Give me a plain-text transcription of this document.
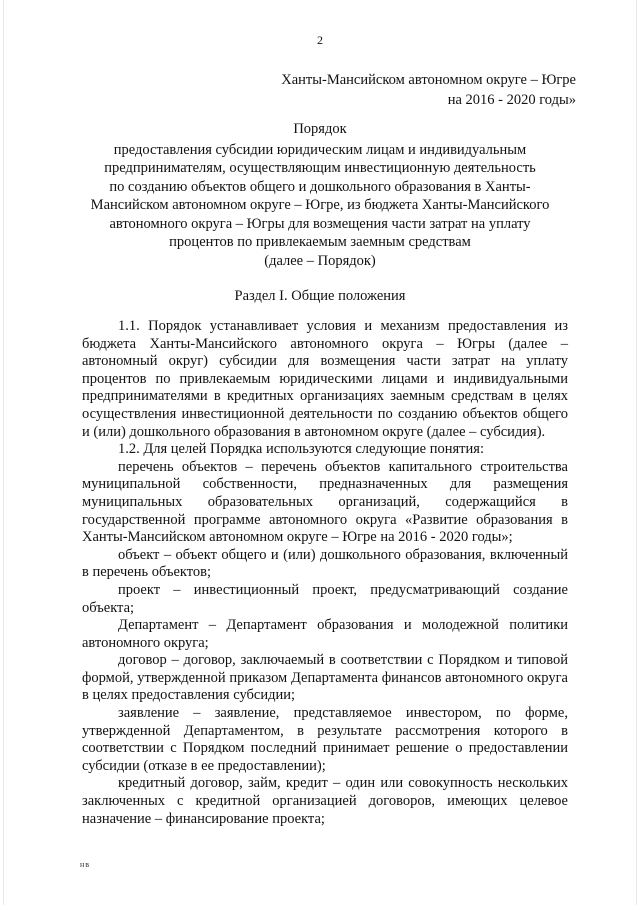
2
Ханты-Мансийском автономном округе – Югре
на 2016 - 2020 годы»
Порядок
предоставления субсидии юридическим лицам и индивидуальным
предпринимателям, осуществляющим инвестиционную деятельность
по созданию объектов общего и дошкольного образования в Ханты-
Мансийском автономном округе – Югре, из бюджета Ханты-Мансийского
автономного округа – Югры для возмещения части затрат на уплату
процентов по привлекаемым заемным средствам
(далее – Порядок)
Раздел I. Общие положения

1.1. Порядок устанавливает условия и механизм предоставления из бюджета Ханты-Мансийского автономного округа – Югры (далее – автономный округ) субсидии для возмещения части затрат на уплату процентов по привлекаемым юридическими лицами и индивидуальными предпринимателями в кредитных организациях заемным средствам в целях осуществления инвестиционной деятельности по созданию объектов общего и (или) дошкольного образования в автономном округе (далее – субсидия).

1.2. Для целей Порядка используются следующие понятия:

перечень объектов – перечень объектов капитального строительства муниципальной собственности, предназначенных для размещения муниципальных образовательных организаций, содержащийся в государственной программе автономного округа «Развитие образования в Ханты-Мансийском автономном округе – Югре на 2016 - 2020 годы»;

объект – объект общего и (или) дошкольного образования, включенный в перечень объектов;

проект – инвестиционный проект, предусматривающий создание объекта;

Департамент – Департамент образования и молодежной политики автономного округа;

договор – договор, заключаемый в соответствии с Порядком и типовой формой, утвержденной приказом Департамента финансов автономного округа в целях предоставления субсидии;

заявление – заявление, представляемое инвестором, по форме, утвержденной Департаментом, в результате рассмотрения которого в соответствии с Порядком последний принимает решение о предоставлении субсидии (отказе в ее предоставлении);

кредитный договор, займ, кредит – один или совокупность нескольких заключенных с кредитной организацией договоров, имеющих целевое назначение – финансирование проекта;

нв
